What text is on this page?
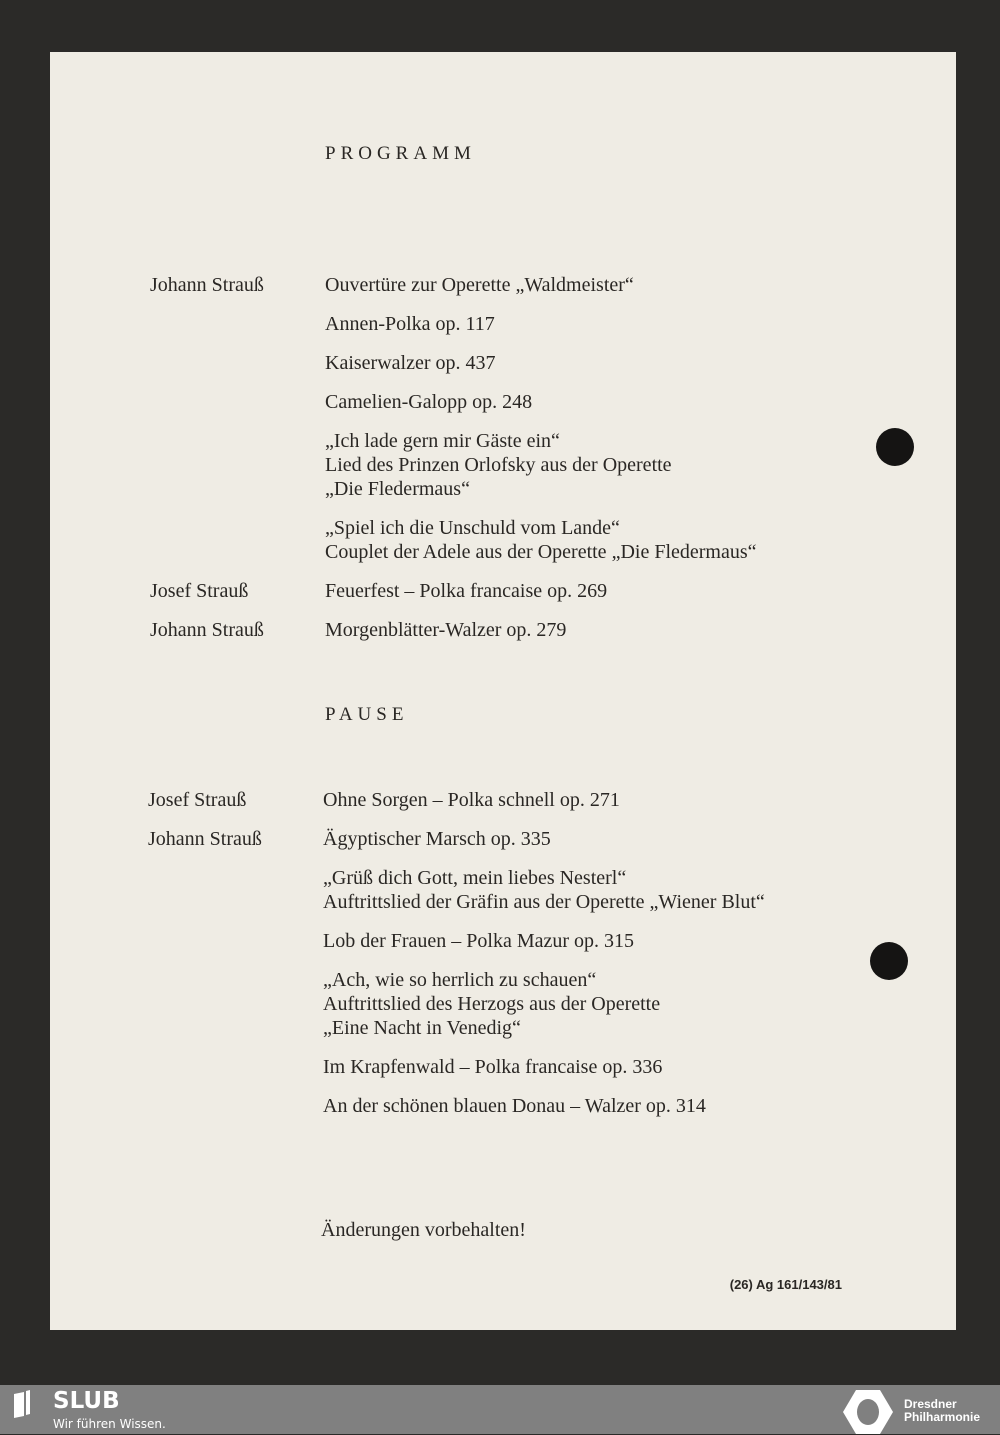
PROGRAMM
Johann Strauß	Ouvertüre zur Operette „Waldmeister“
Annen-Polka op. 117
Kaiserwalzer op. 437
Camelien-Galopp op. 248
„Ich lade gern mir Gäste ein“
Lied des Prinzen Orlofsky aus der Operette
„Die Fledermaus“
„Spiel ich die Unschuld vom Lande“
Couplet der Adele aus der Operette „Die Fledermaus“
Josef Strauß	Feuerfest – Polka francaise op. 269
Johann Strauß	Morgenblätter-Walzer op. 279
PAUSE
Josef Strauß	Ohne Sorgen – Polka schnell op. 271
Johann Strauß	Ägyptischer Marsch op. 335
„Grüß dich Gott, mein liebes Nesterl“
Auftrittslied der Gräfin aus der Operette „Wiener Blut“
Lob der Frauen – Polka Mazur op. 315
„Ach, wie so herrlich zu schauen“
Auftrittslied des Herzogs aus der Operette
„Eine Nacht in Venedig“
Im Krapfenwald – Polka francaise op. 336
An der schönen blauen Donau – Walzer op. 314
Änderungen vorbehalten!
(26) Ag 161/143/81
SLUB
Wir führen Wissen.
Dresdner
Philharmonie
